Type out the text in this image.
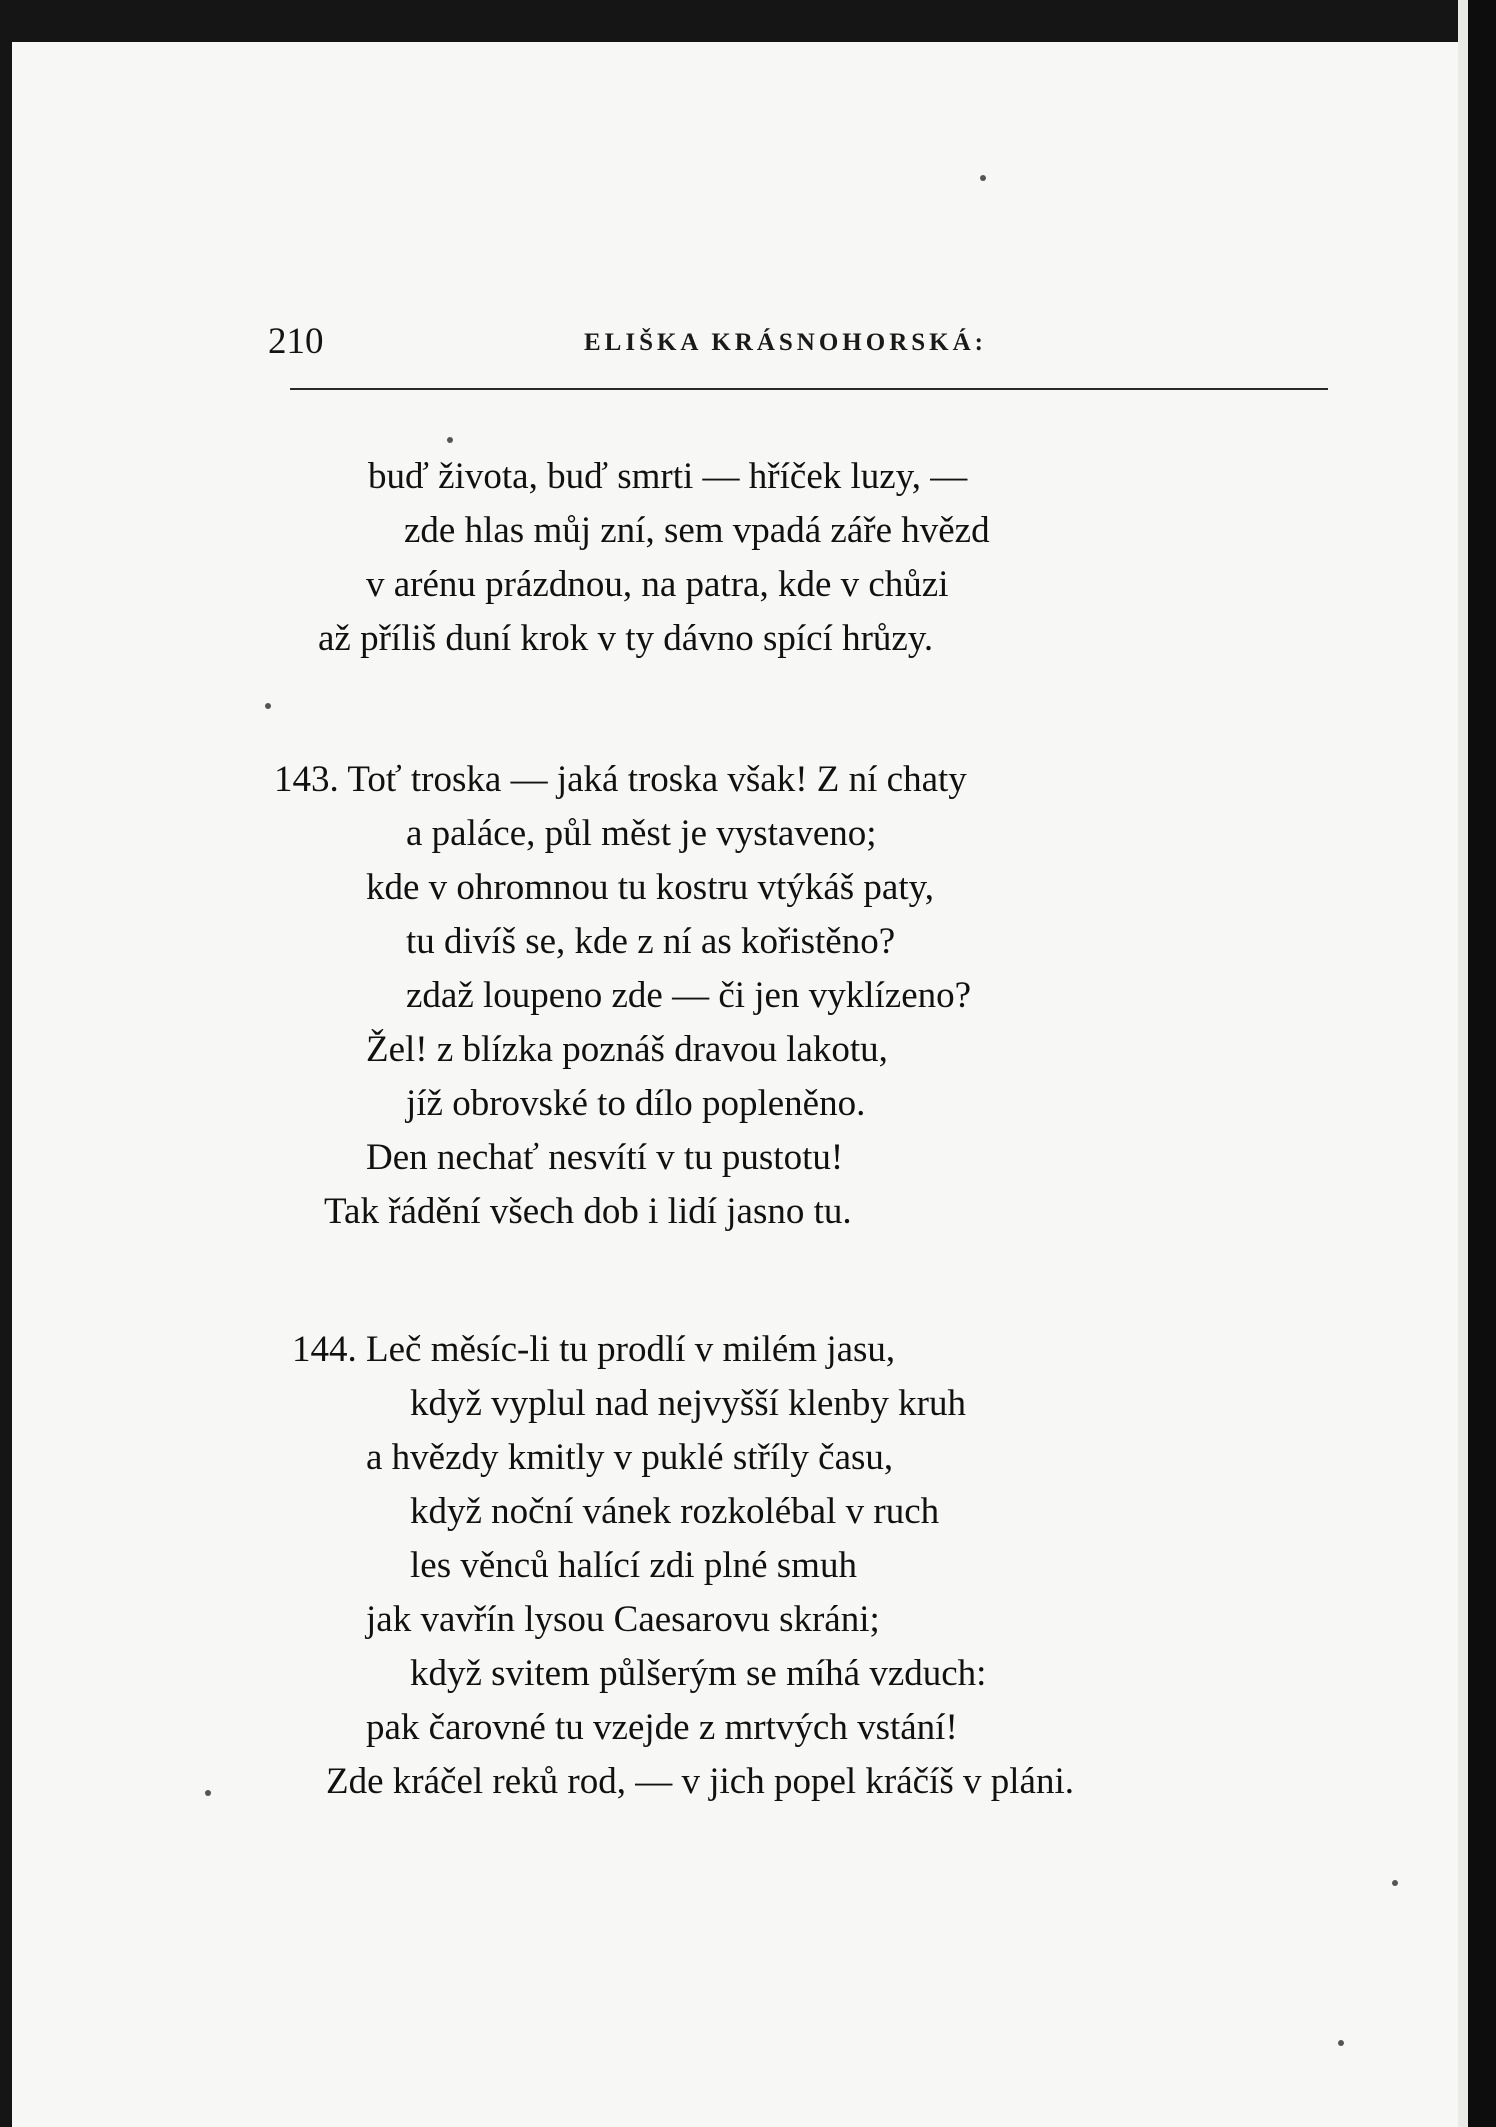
210	ELIŠKA KRÁSNOHORSKÁ:
buď života, buď smrti — hříček luzy, —
zde hlas můj zní, sem vpadá záře hvězd
v arénu prázdnou, na patra, kde v chůzi
až příliš duní krok v ty dávno spící hrůzy.
143. Toť troska — jaká troska však! Z ní chaty
a paláce, půl měst je vystaveno;
kde v ohromnou tu kostru vtýkáš paty,
tu divíš se, kde z ní as kořistěno?
zdaž loupeno zde — či jen vyklízeno?
Žel! z blízka poznáš dravou lakotu,
jíž obrovské to dílo popleněno.
Den nechať nesvítí v tu pustotu!
Tak řádění všech dob i lidí jasno tu.
144. Leč měsíc-li tu prodlí v milém jasu,
když vyplul nad nejvyšší klenby kruh
a hvězdy kmitly v puklé stříly času,
když noční vánek rozkolébal v ruch
les věnců halící zdi plné smuh
jak vavřín lysou Caesarovu skráni;
když svitem půlšerým se míhá vzduch:
pak čarovné tu vzejde z mrtvých vstání!
Zde kráčel reků rod, — v jich popel kráčíš v pláni.
